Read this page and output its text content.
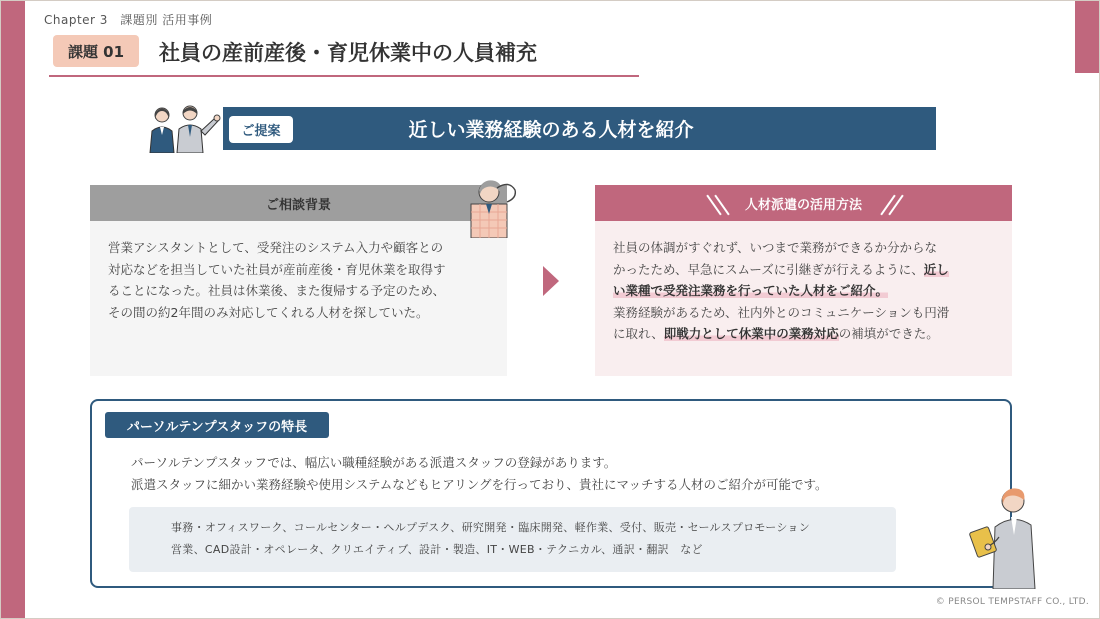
Chapter 3　課題別 活用事例
課題 01	社員の産前産後・育児休業中の人員補充
ご提案	近しい業務経験のある人材を紹介
ご相談背景
営業アシスタントとして、受発注のシステム入力や顧客との
対応などを担当していた社員が産前産後・育児休業を取得す
ることになった。社員は休業後、また復帰する予定のため、
その間の約2年間のみ対応してくれる人材を探していた。
人材派遣の活用方法
社員の体調がすぐれず、いつまで業務ができるか分からな
かったため、早急にスムーズに引継ぎが行えるように、近し
い業種で受発注業務を行っていた人材をご紹介。
業務経験があるため、社内外とのコミュニケーションも円滑
に取れ、即戦力として休業中の業務対応の補填ができた。
パーソルテンプスタッフの特長
パーソルテンプスタッフでは、幅広い職種経験がある派遣スタッフの登録があります。
派遣スタッフに細かい業務経験や使用システムなどもヒアリングを行っており、貴社にマッチする人材のご紹介が可能です。
事務・オフィスワーク、コールセンター・ヘルプデスク、研究開発・臨床開発、軽作業、受付、販売・セールスプロモーション
営業、CAD設計・オペレータ、クリエイティブ、設計・製造、IT・WEB・テクニカル、通訳・翻訳　など
© PERSOL TEMPSTAFF CO., LTD.
